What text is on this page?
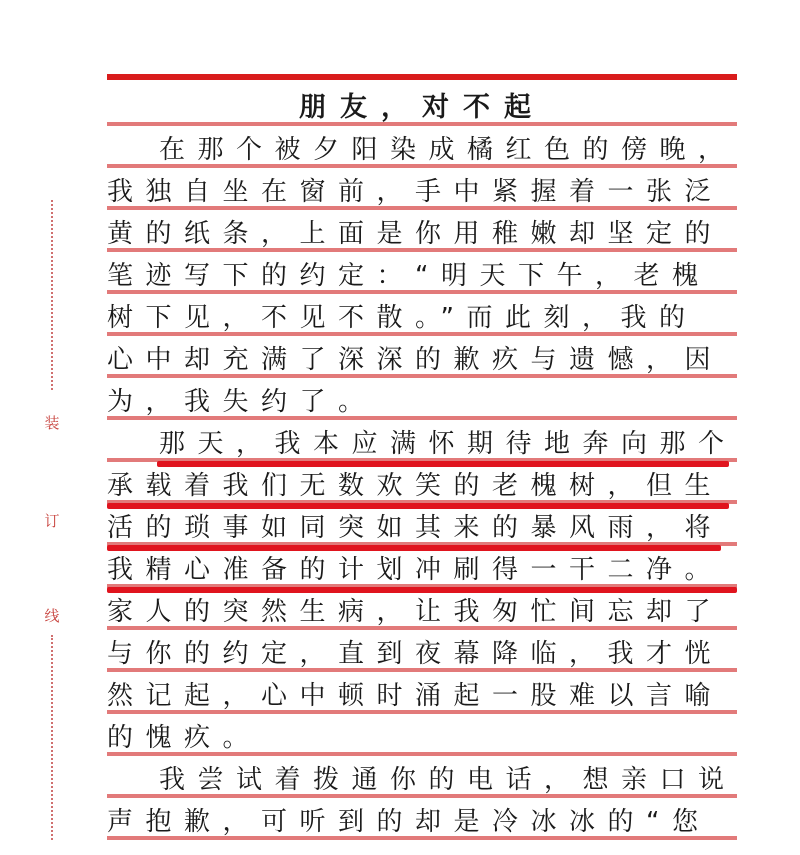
装
订
线
朋友，对不起
在那个被夕阳染成橘红色的傍晚，
我独自坐在窗前，手中紧握着一张泛
黄的纸条，上面是你用稚嫩却坚定的
笔迹写下的约定：“明天下午，老槐
树下见，不见不散。”而此刻，我的
心中却充满了深深的歉疚与遗憾，因
为，我失约了。
那天，我本应满怀期待地奔向那个
承载着我们无数欢笑的老槐树，但生
活的琐事如同突如其来的暴风雨，将
我精心准备的计划冲刷得一干二净。
家人的突然生病，让我匆忙间忘却了
与你的约定，直到夜幕降临，我才恍
然记起，心中顿时涌起一股难以言喻
的愧疚。
我尝试着拨通你的电话，想亲口说
声抱歉，可听到的却是冷冰冰的“您
